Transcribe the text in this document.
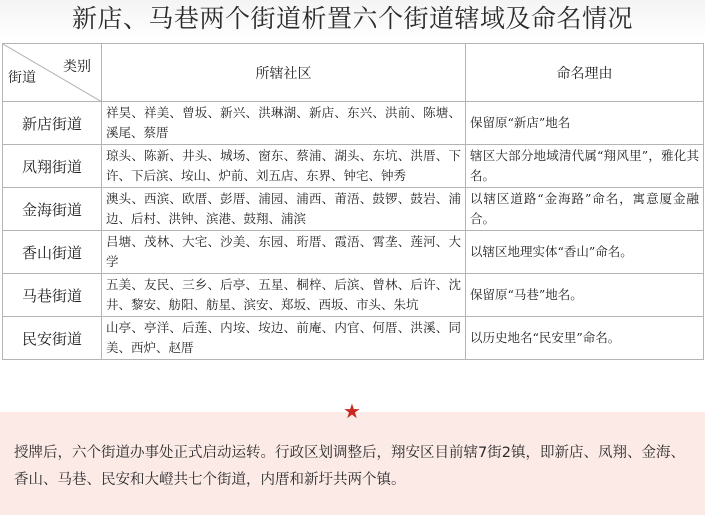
新店、马巷两个街道析置六个街道辖域及命名情况
类别
街道	所辖社区	命名理由
新店街道	祥昊、祥美、曾坂、新兴、洪琳湖、新店、东兴、洪前、陈塘、溪尾、蔡厝	保留原“新店”地名
凤翔街道	琼头、陈新、井头、城场、窗东、蔡浦、湖头、东坑、洪厝、下许、下后滨、垵山、炉前、刘五店、东界、钟宅、钟秀	辖区大部分地域清代属“翔风里”，雅化其名。
金海街道	澳头、西滨、欧厝、彭厝、浦园、浦西、莆浯、鼓锣、鼓岩、浦边、后村、洪钟、滨港、鼓翔、浦滨	以辖区道路“金海路”命名，寓意厦金融合。
香山街道	吕塘、茂林、大宅、沙美、东园、珩厝、霞浯、霄垄、莲河、大学	以辖区地理实体“香山”命名。
马巷街道	五美、友民、三乡、后亭、五星、桐梓、后滨、曾林、后许、沈井、黎安、舫阳、舫星、滨安、郑坂、西坂、市头、朱坑	保留原“马巷”地名。
民安街道	山亭、亭洋、后莲、内垵、垵边、前庵、内官、何厝、洪溪、同美、西炉、赵厝	以历史地名“民安里”命名。
★
授牌后，六个街道办事处正式启动运转。行政区划调整后，翔安区目前辖7街2镇，即新店、凤翔、金海、香山、马巷、民安和大嶝共七个街道，内厝和新圩共两个镇。
